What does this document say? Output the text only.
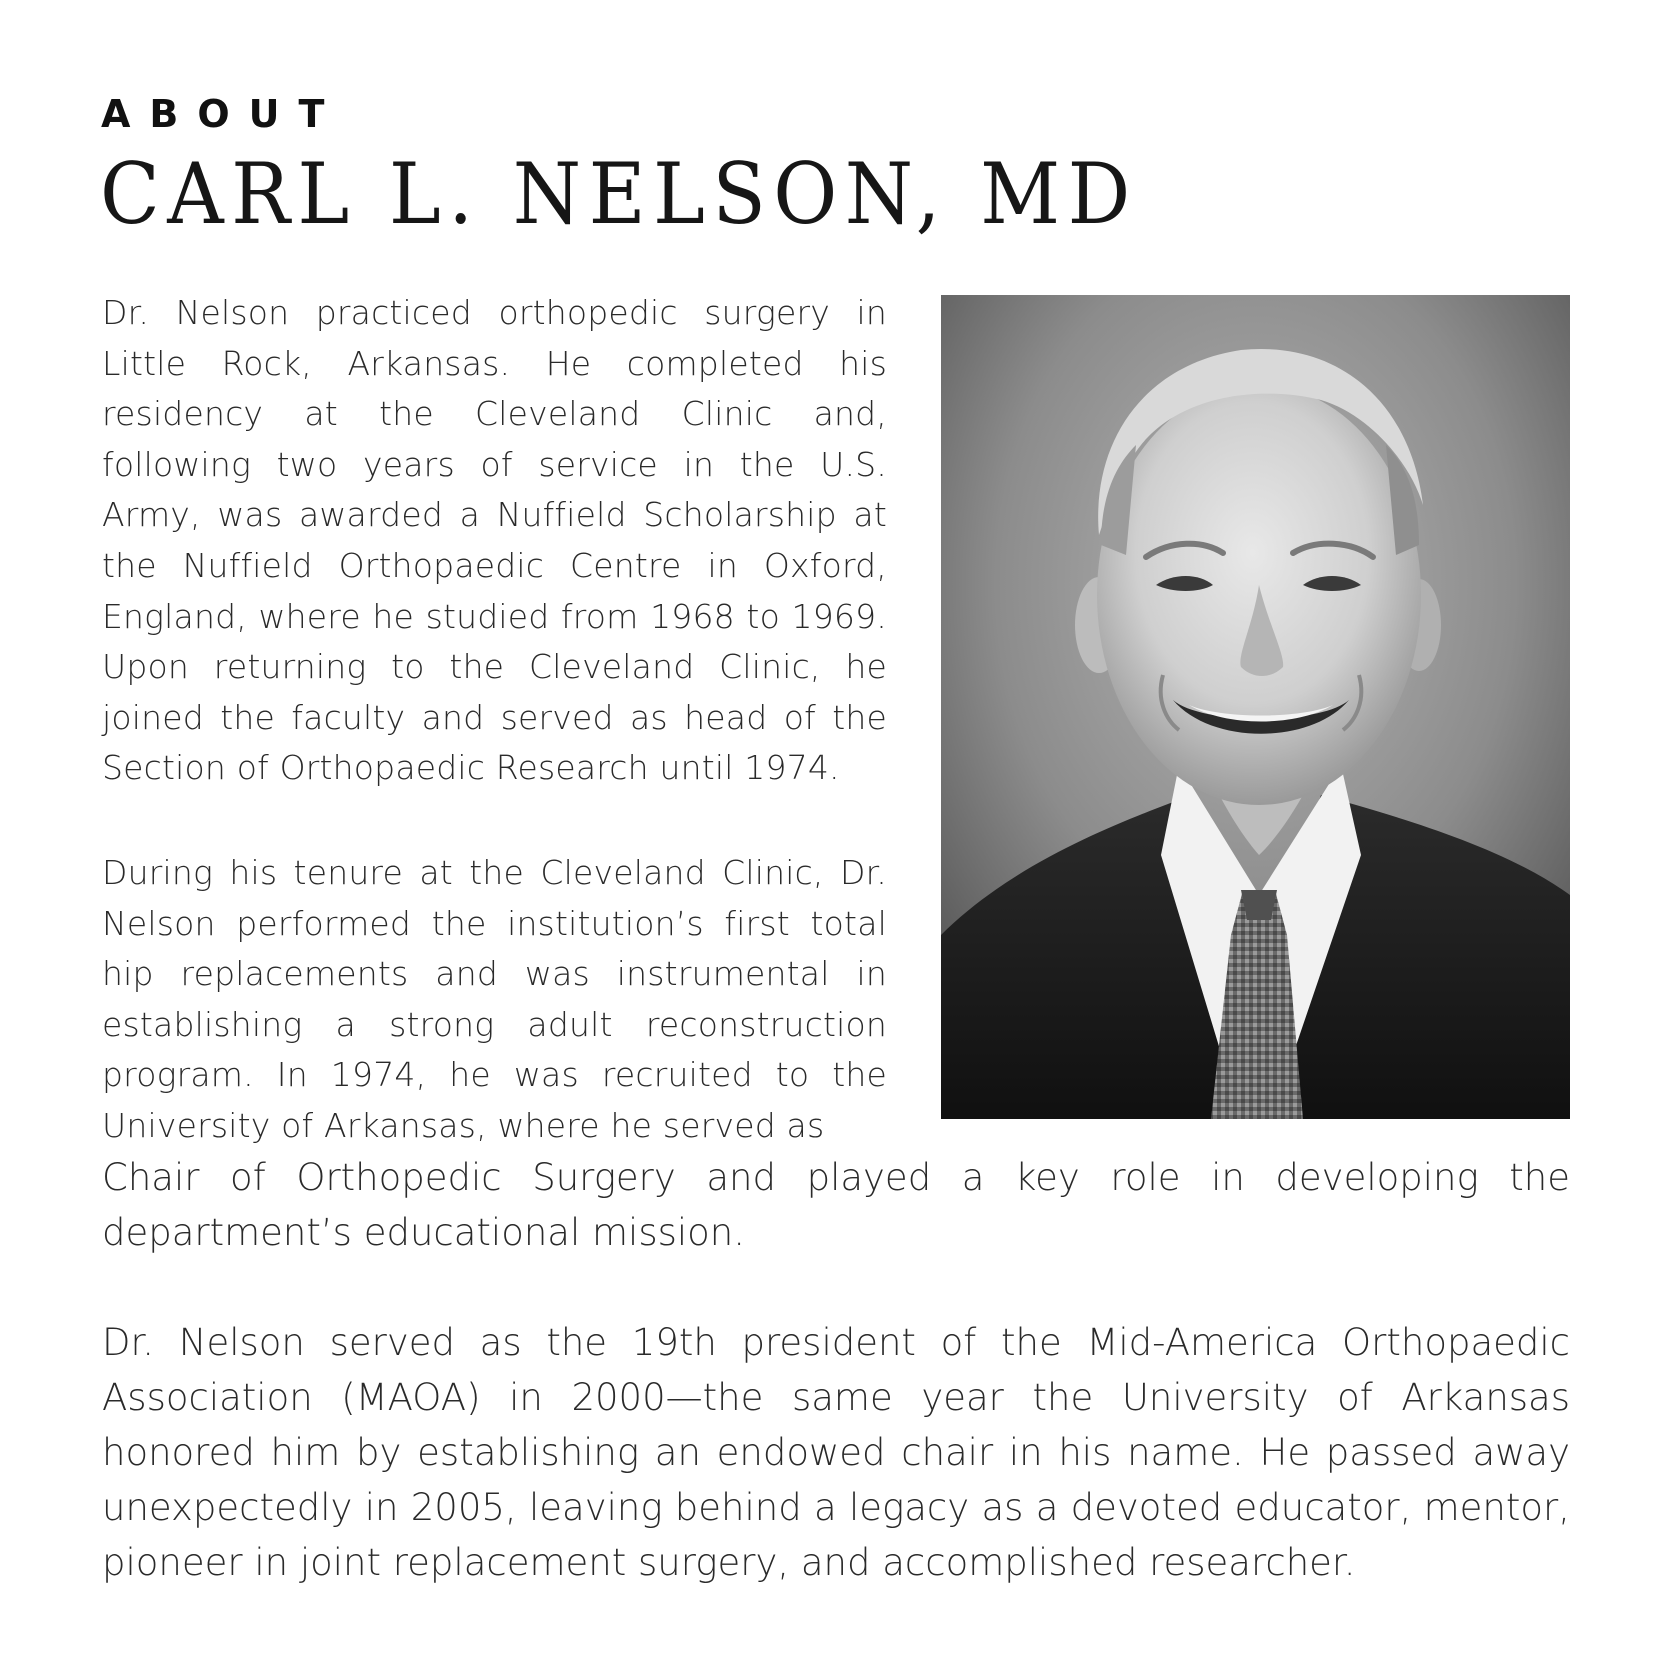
ABOUT
CARL L. NELSON, MD

Dr. Nelson practiced orthopedic surgery in Little Rock, Arkansas. He completed his residency at the Cleveland Clinic and, following two years of service in the U.S. Army, was awarded a Nuffield Scholarship at the Nuffield Orthopaedic Centre in Oxford, England, where he studied from 1968 to 1969. Upon returning to the Cleveland Clinic, he joined the faculty and served as head of the Section of Orthopaedic Research until 1974.

During his tenure at the Cleveland Clinic, Dr. Nelson performed the institution’s first total hip replacements and was instrumental in establishing a strong adult reconstruction program. In 1974, he was recruited to the University of Arkansas, where he served as

Chair of Orthopedic Surgery and played a key role in developing the department’s educational mission.

Dr. Nelson served as the 19th president of the Mid-America Orthopaedic Association (MAOA) in 2000—the same year the University of Arkansas honored him by establishing an endowed chair in his name. He passed away unexpectedly in 2005, leaving behind a legacy as a devoted educator, mentor, pioneer in joint replacement surgery, and accomplished researcher.
